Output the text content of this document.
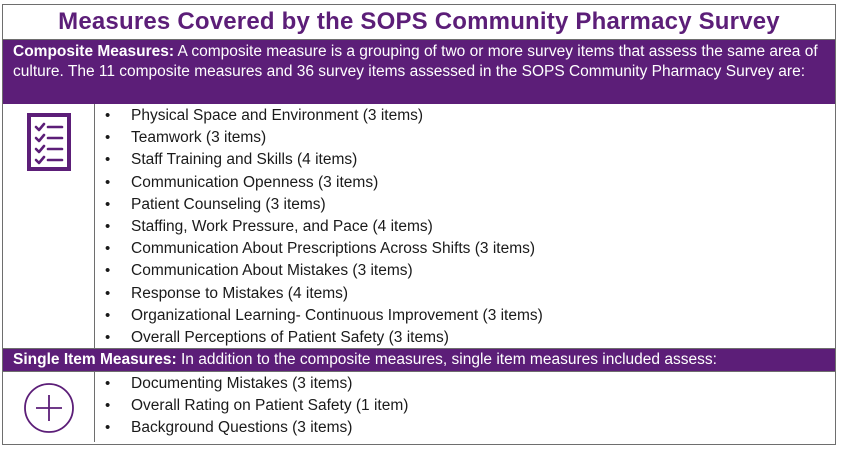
Measures Covered by the SOPS Community Pharmacy Survey
Composite Measures: A composite measure is a grouping of two or more survey items that assess the same area of culture. The 11 composite measures and 36 survey items assessed in the SOPS Community Pharmacy Survey are:
• Physical Space and Environment (3 items)
• Teamwork (3 items)
• Staff Training and Skills (4 items)
• Communication Openness (3 items)
• Patient Counseling (3 items)
• Staffing, Work Pressure, and Pace (4 items)
• Communication About Prescriptions Across Shifts (3 items)
• Communication About Mistakes (3 items)
• Response to Mistakes (4 items)
• Organizational Learning- Continuous Improvement (3 items)
• Overall Perceptions of Patient Safety (3 items)
Single Item Measures: In addition to the composite measures, single item measures included assess:
• Documenting Mistakes (3 items)
• Overall Rating on Patient Safety (1 item)
• Background Questions (3 items)
